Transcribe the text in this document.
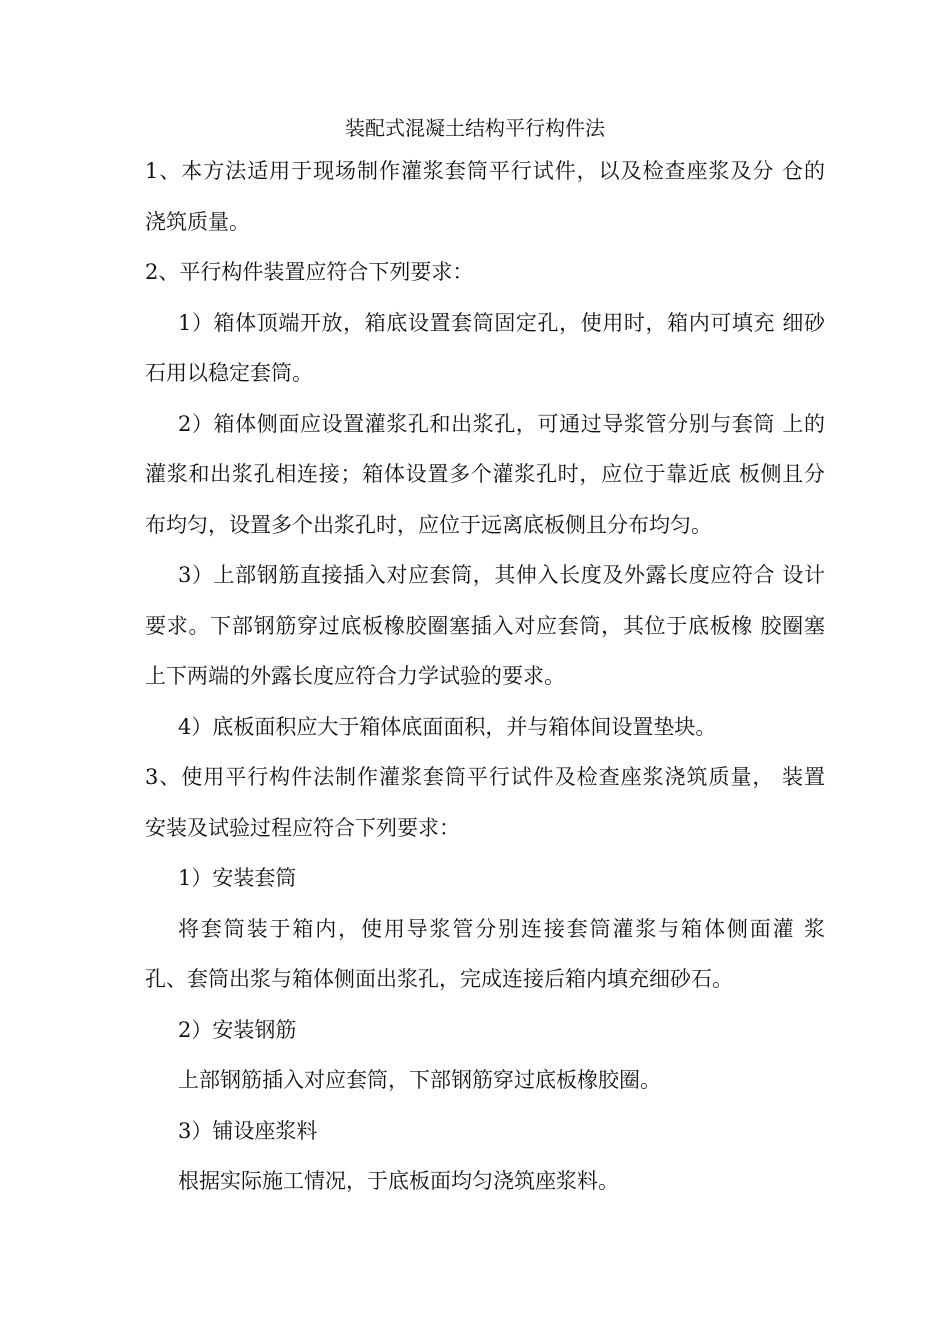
装配式混凝土结构平行构件法
1、本方法适用于现场制作灌浆套筒平行试件，以及检查座浆及分 仓的
浇筑质量。
2、平行构件装置应符合下列要求：
1）箱体顶端开放，箱底设置套筒固定孔，使用时，箱内可填充 细砂
石用以稳定套筒。
2）箱体侧面应设置灌浆孔和出浆孔，可通过导浆管分别与套筒 上的
灌浆和出浆孔相连接；箱体设置多个灌浆孔时，应位于靠近底 板侧且分
布均匀，设置多个出浆孔时，应位于远离底板侧且分布均匀。
3）上部钢筋直接插入对应套筒，其伸入长度及外露长度应符合 设计
要求。下部钢筋穿过底板橡胶圈塞插入对应套筒，其位于底板橡 胶圈塞
上下两端的外露长度应符合力学试验的要求。
4）底板面积应大于箱体底面面积，并与箱体间设置垫块。
3、使用平行构件法制作灌浆套筒平行试件及检查座浆浇筑质量， 装置
安装及试验过程应符合下列要求：
1）安装套筒
将套筒装于箱内，使用导浆管分别连接套筒灌浆与箱体侧面灌 浆
孔、套筒出浆与箱体侧面出浆孔，完成连接后箱内填充细砂石。
2）安装钢筋
上部钢筋插入对应套筒，下部钢筋穿过底板橡胶圈。
3）铺设座浆料
根据实际施工情况，于底板面均匀浇筑座浆料。
